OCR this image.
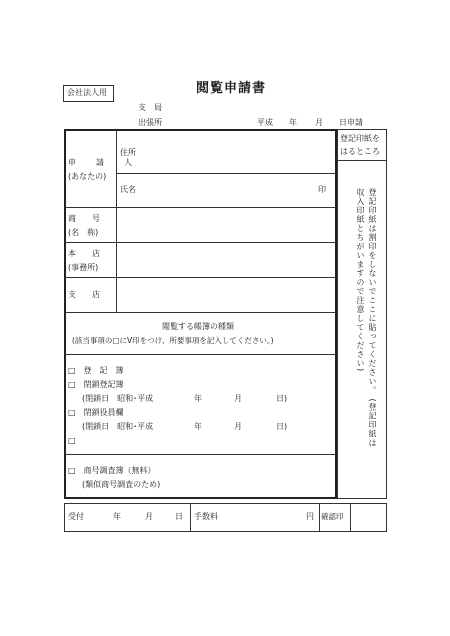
会社法人用	閲覧申請書
支　局
出張所	平成 年 月 日申請
申　請　人
(あなたの)
住所
氏名	印
商　　号
(名　称)
本　　店
(事務所)
支　　店
閲覧する帳簿の種類
(該当事項の□にV印をつけ、所要事項を記入してください。)
□　登　記　簿
□　閉鎖登記簿
(閉鎖日　昭和･平成	年	月	日)
□　閉鎖役員欄
(閉鎖日　昭和･平成	年	月	日)
□
□　商号調査簿（無料）
(類似商号調査のため)
登記印紙を
はるところ
登記印紙は割印をしないでここに貼ってください。 (登記印紙は収入印紙とちがいますので注意してください)
受付	年	月	日 手数料	円 確認印
